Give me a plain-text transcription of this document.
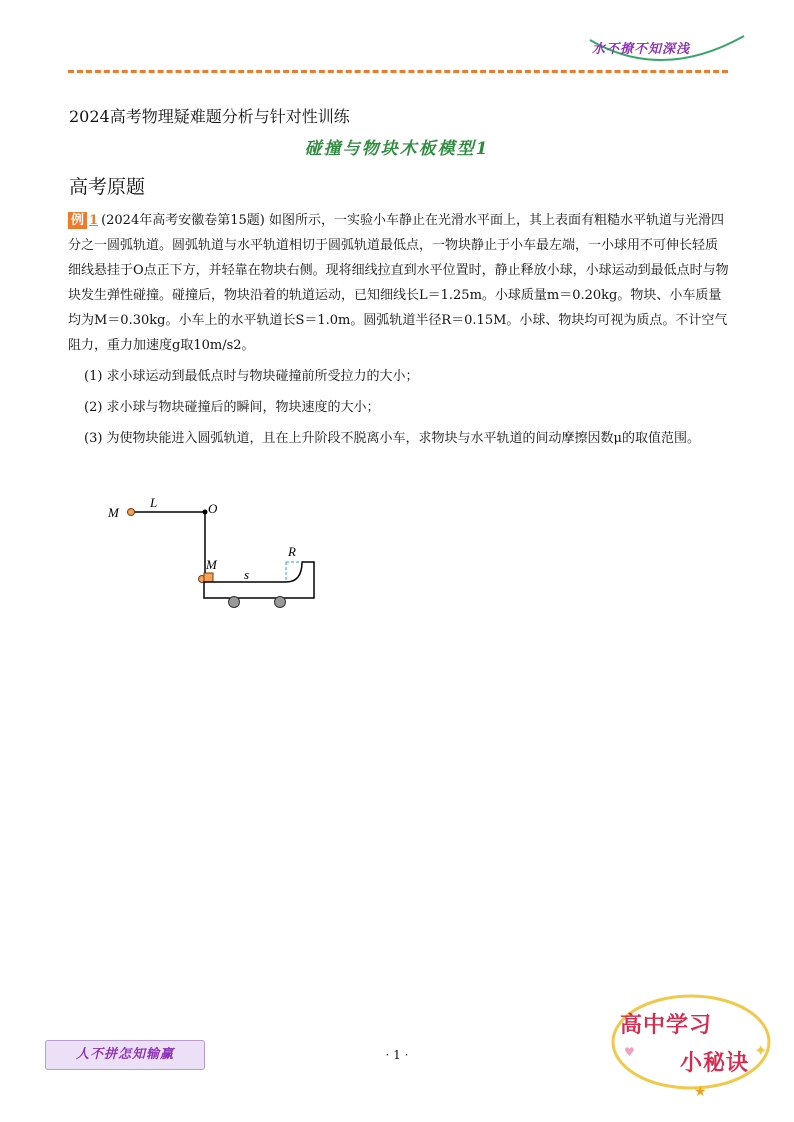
水不撩不知深浅
2024高考物理疑难题分析与针对性训练
碰撞与物块木板模型1
高考原题

例 1 (2024年高考安徽卷第15题) 如图所示，一实验小车静止在光滑水平面上，其上表面有粗糙水平轨道与光滑四分之一圆弧轨道。圆弧轨道与水平轨道相切于圆弧轨道最低点，一物块静止于小车最左端，一小球用不可伸长轻质细线悬挂于O点正下方，并轻靠在物块右侧。现将细线拉直到水平位置时，静止释放小球，小球运动到最低点时与物块发生弹性碰撞。碰撞后，物块沿着的轨道运动，已知细线长L＝1.25m。小球质量m＝0.20kg。物块、小车质量均为M＝0.30kg。小车上的水平轨道长S＝1.0m。圆弧轨道半径R＝0.15M。小球、物块均可视为质点。不计空气阻力，重力加速度g取10m/s2。

(1) 求小球运动到最低点时与物块碰撞前所受拉力的大小；

(2) 求小球与物块碰撞后的瞬间，物块速度的大小；

(3) 为使物块能进入圆弧轨道，且在上升阶段不脱离小车，求物块与水平轨道的间动摩擦因数μ的取值范围。

M
L	O
M
s
R
人不拼怎知输赢	· 1 ·	♥	✦
★
高中学习
小秘诀
